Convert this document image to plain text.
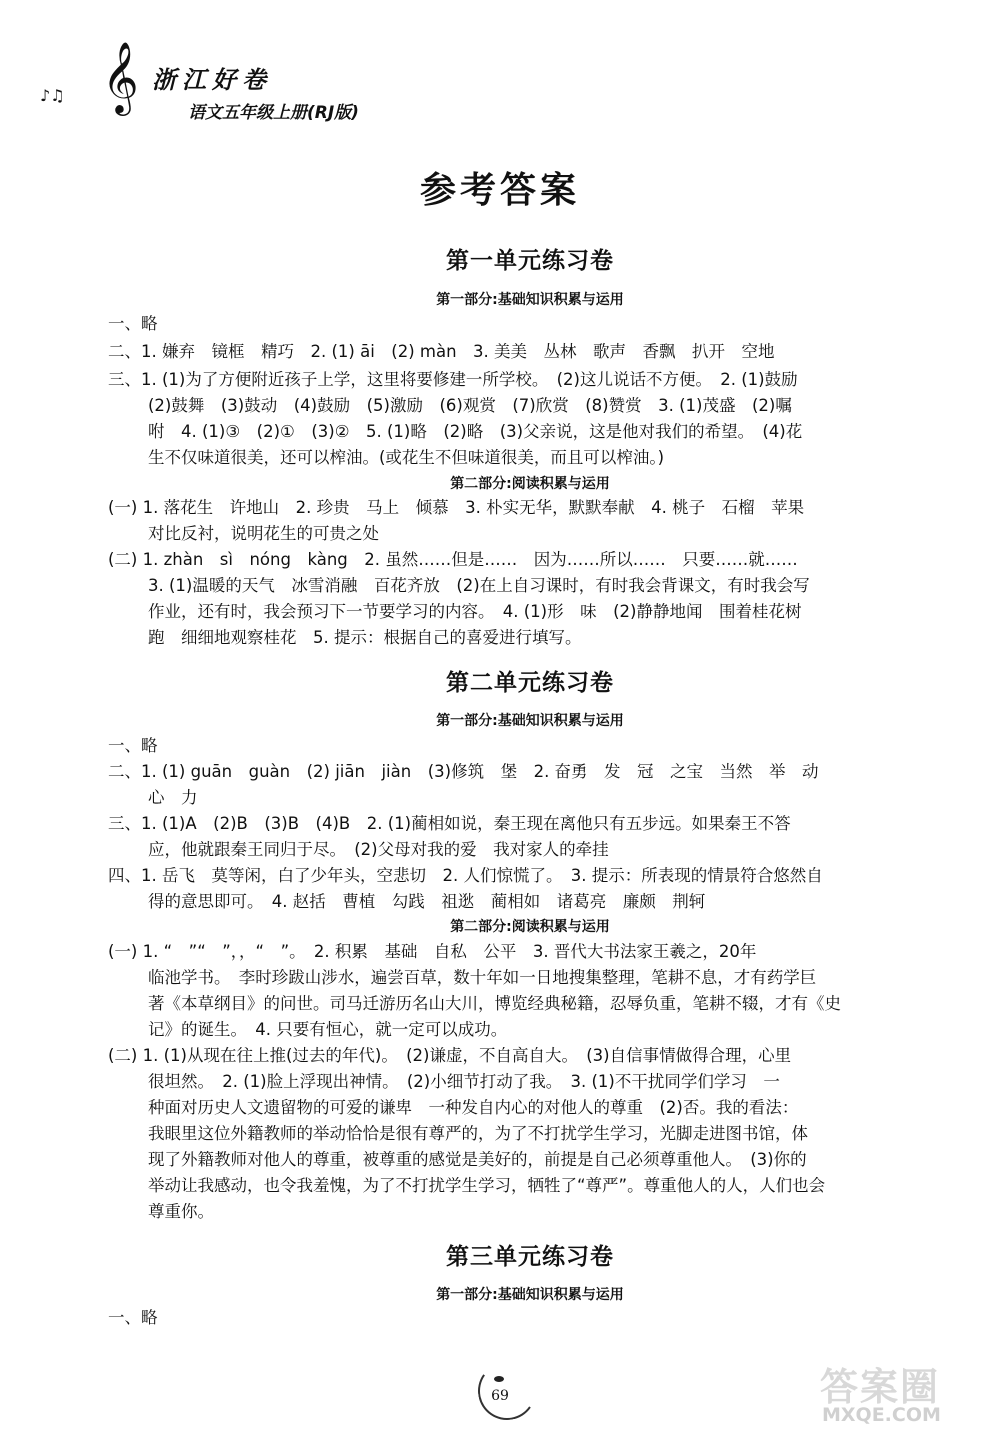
𝄞 浙江好卷
语文五年级上册(RJ版)
♪♫
参考答案
第一单元练习卷
第一部分:基础知识积累与运用
一、略
二、1. 嫌弃　镜框　精巧　2. (1) āi　(2) màn　3. 美美　丛林　歌声　香飘　扒开　空地
三、1. (1)为了方便附近孩子上学，这里将要修建一所学校。　(2)这儿说话不方便。　2. (1)鼓励
(2)鼓舞　(3)鼓动　(4)鼓励　(5)激励　(6)观赏　(7)欣赏　(8)赞赏　3. (1)茂盛　(2)嘱
咐　4. (1)③　(2)①　(3)②　5. (1)略　(2)略　(3)父亲说，这是他对我们的希望。　(4)花
生不仅味道很美，还可以榨油。(或花生不但味道很美，而且可以榨油。)
第二部分:阅读积累与运用
(一) 1. 落花生　许地山　2. 珍贵　马上　倾慕　3. 朴实无华，默默奉献　4. 桃子　石榴　苹果
对比反衬，说明花生的可贵之处
(二) 1. zhàn　sì　nóng　kàng　2. 虽然……但是……　因为……所以……　只要……就……
3. (1)温暖的天气　冰雪消融　百花齐放　(2)在上自习课时，有时我会背课文，有时我会写
作业，还有时，我会预习下一节要学习的内容。　4. (1)形　味　(2)静静地闻　围着桂花树
跑　细细地观察桂花　5. 提示：根据自己的喜爱进行填写。
第二单元练习卷
第一部分:基础知识积累与运用
一、略
二、1. (1) guān　guàn　(2) jiān　jiàn　(3)修筑　堡　2. 奋勇　发　冠　之宝　当然　举　动
心　力
三、1. (1)A　(2)B　(3)B　(4)B　2. (1)蔺相如说，秦王现在离他只有五步远。如果秦王不答
应，他就跟秦王同归于尽。　(2)父母对我的爱　我对家人的牵挂
四、1. 岳飞　莫等闲，白了少年头，空悲切　2. 人们惊慌了。　3. 提示：所表现的情景符合悠然自
得的意思即可。　4. 赵括　曹植　勾践　祖逖　蔺相如　诸葛亮　廉颇　荆轲
第二部分:阅读积累与运用
(一) 1. “　”“　”，，“　”。　2. 积累　基础　自私　公平　3. 晋代大书法家王羲之，20年
临池学书。　李时珍跋山涉水，遍尝百草，数十年如一日地搜集整理，笔耕不息，才有药学巨
著《本草纲目》的问世。司马迁游历名山大川，博览经典秘籍，忍辱负重，笔耕不辍，才有《史
记》的诞生。　4. 只要有恒心，就一定可以成功。
(二) 1. (1)从现在往上推(过去的年代)。　(2)谦虚，不自高自大。　(3)自信事情做得合理，心里
很坦然。　2. (1)脸上浮现出神情。　(2)小细节打动了我。　3. (1)不干扰同学们学习　一
种面对历史人文遗留物的可爱的谦卑　一种发自内心的对他人的尊重　(2)否。我的看法：
我眼里这位外籍教师的举动恰恰是很有尊严的，为了不打扰学生学习，光脚走进图书馆，体
现了外籍教师对他人的尊重，被尊重的感觉是美好的，前提是自己必须尊重他人。　(3)你的
举动让我感动，也令我羞愧，为了不打扰学生学习，牺牲了“尊严”。尊重他人的人，人们也会
尊重你。
第三单元练习卷
第一部分:基础知识积累与运用
一、略
69	答案圈
MXQE.COM
